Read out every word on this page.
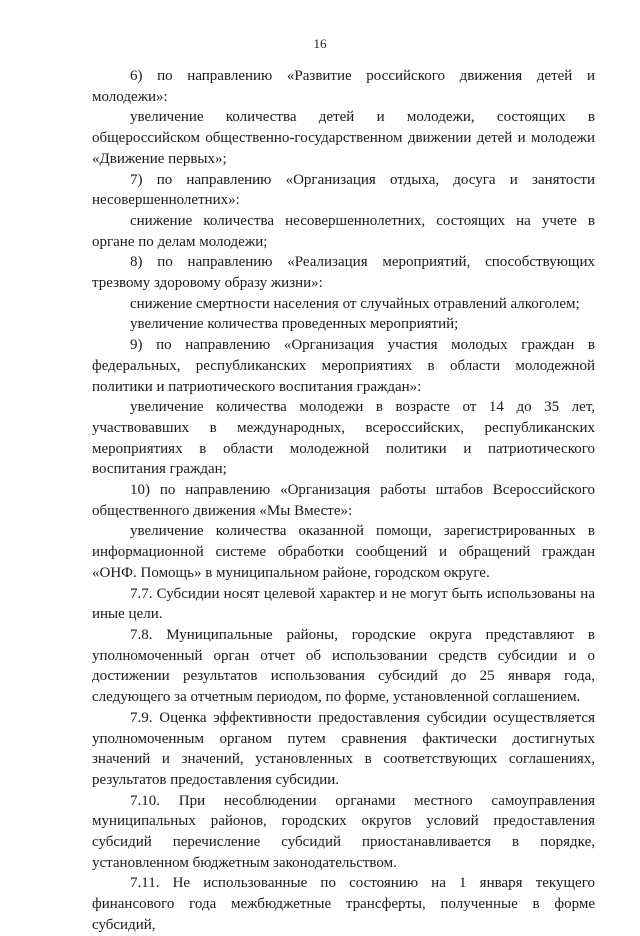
16

6) по направлению «Развитие российского движения детей и молодежи»:

увеличение количества детей и молодежи, состоящих в общероссийском общественно-государственном движении детей и молодежи «Движение первых»;

7) по направлению «Организация отдыха, досуга и занятости несовершеннолетних»:

снижение количества несовершеннолетних, состоящих на учете в органе по делам молодежи;

8) по направлению «Реализация мероприятий, способствующих трезвому здоровому образу жизни»:

снижение смертности населения от случайных отравлений алкоголем;

увеличение количества проведенных мероприятий;

9) по направлению «Организация участия молодых граждан в федеральных, республиканских мероприятиях в области молодежной политики и патриотического воспитания граждан»:

увеличение количества молодежи в возрасте от 14 до 35 лет, участвовавших в международных, всероссийских, республиканских мероприятиях в области молодежной политики и патриотического воспитания граждан;

10) по направлению «Организация работы штабов Всероссийского общественного движения «Мы Вместе»:

увеличение количества оказанной помощи, зарегистрированных в информационной системе обработки сообщений и обращений граждан «ОНФ. Помощь» в муниципальном районе, городском округе.

7.7. Субсидии носят целевой характер и не могут быть использованы на иные цели.

7.8. Муниципальные районы, городские округа представляют в уполномоченный орган отчет об использовании средств субсидии и о достижении результатов использования субсидий до 25 января года, следующего за отчетным периодом, по форме, установленной соглашением.

7.9. Оценка эффективности предоставления субсидии осуществляется уполномоченным органом путем сравнения фактически достигнутых значений и значений, установленных в соответствующих соглашениях, результатов предоставления субсидии.

7.10. При несоблюдении органами местного самоуправления муниципальных районов, городских округов условий предоставления субсидий перечисление субсидий приостанавливается в порядке, установленном бюджетным законодательством.

7.11. Не использованные по состоянию на 1 января текущего финансового года межбюджетные трансферты, полученные в форме субсидий,
